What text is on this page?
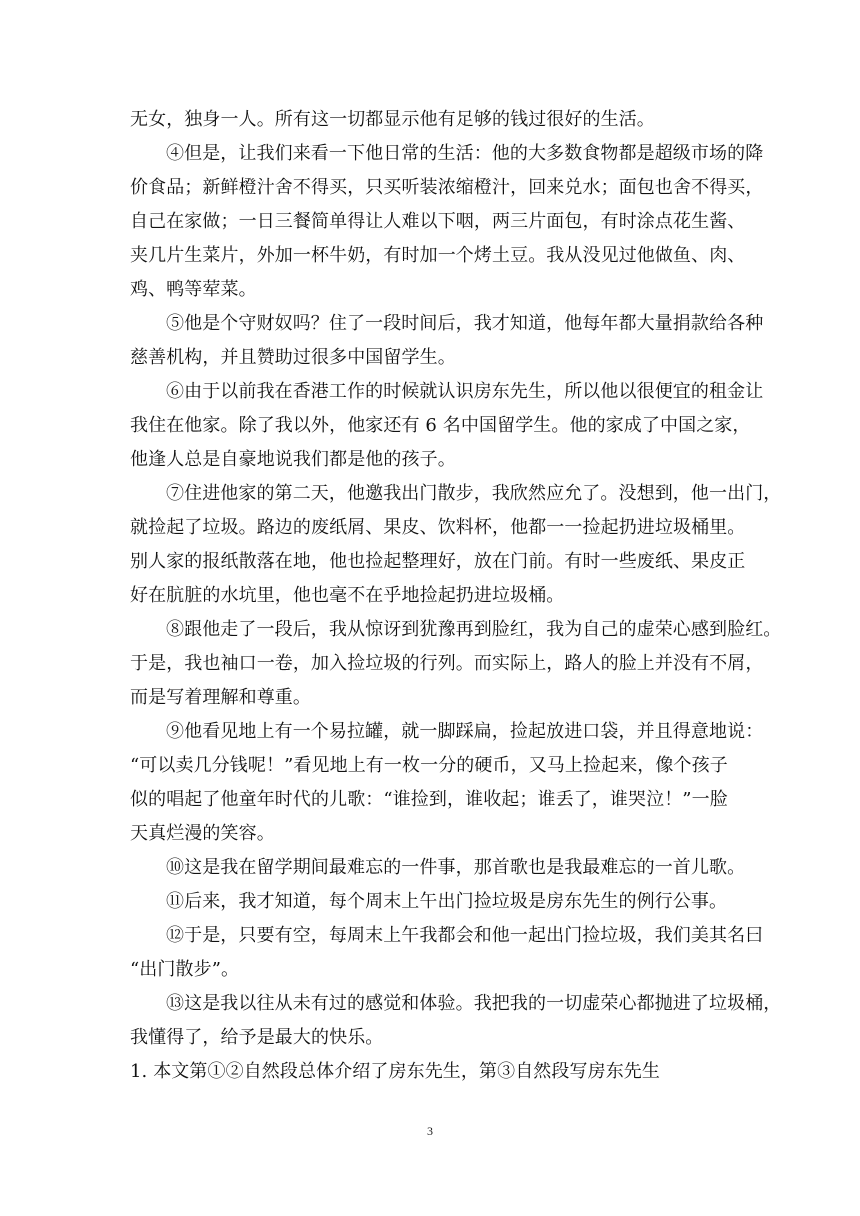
无女，独身一人。所有这一切都显示他有足够的钱过很好的生活。
④但是，让我们来看一下他日常的生活：他的大多数食物都是超级市场的降
价食品；新鲜橙汁舍不得买，只买听装浓缩橙汁，回来兑水；面包也舍不得买，
自己在家做；一日三餐简单得让人难以下咽，两三片面包，有时涂点花生酱、
夹几片生菜片，外加一杯牛奶，有时加一个烤土豆。我从没见过他做鱼、肉、
鸡、鸭等荤菜。
⑤他是个守财奴吗？住了一段时间后，我才知道，他每年都大量捐款给各种
慈善机构，并且赞助过很多中国留学生。
⑥由于以前我在香港工作的时候就认识房东先生，所以他以很便宜的租金让
我住在他家。除了我以外，他家还有 6 名中国留学生。他的家成了中国之家，
他逢人总是自豪地说我们都是他的孩子。
⑦住进他家的第二天，他邀我出门散步，我欣然应允了。没想到，他一出门，
就捡起了垃圾。路边的废纸屑、果皮、饮料杯，他都一一捡起扔进垃圾桶里。
别人家的报纸散落在地，他也捡起整理好，放在门前。有时一些废纸、果皮正
好在肮脏的水坑里，他也毫不在乎地捡起扔进垃圾桶。
⑧跟他走了一段后，我从惊讶到犹豫再到脸红，我为自己的虚荣心感到脸红。
于是，我也袖口一卷，加入捡垃圾的行列。而实际上，路人的脸上并没有不屑，
而是写着理解和尊重。
⑨他看见地上有一个易拉罐，就一脚踩扁，捡起放进口袋，并且得意地说：
“可以卖几分钱呢！”看见地上有一枚一分的硬币，又马上捡起来，像个孩子
似的唱起了他童年时代的儿歌：“谁捡到，谁收起；谁丢了，谁哭泣！”一脸
天真烂漫的笑容。
⑩这是我在留学期间最难忘的一件事，那首歌也是我最难忘的一首儿歌。
⑪后来，我才知道，每个周末上午出门捡垃圾是房东先生的例行公事。
⑫于是，只要有空，每周末上午我都会和他一起出门捡垃圾，我们美其名曰
“出门散步”。
⑬这是我以往从未有过的感觉和体验。我把我的一切虚荣心都抛进了垃圾桶，
我懂得了，给予是最大的快乐。
1. 本文第①②自然段总体介绍了房东先生，第③自然段写房东先生
3
